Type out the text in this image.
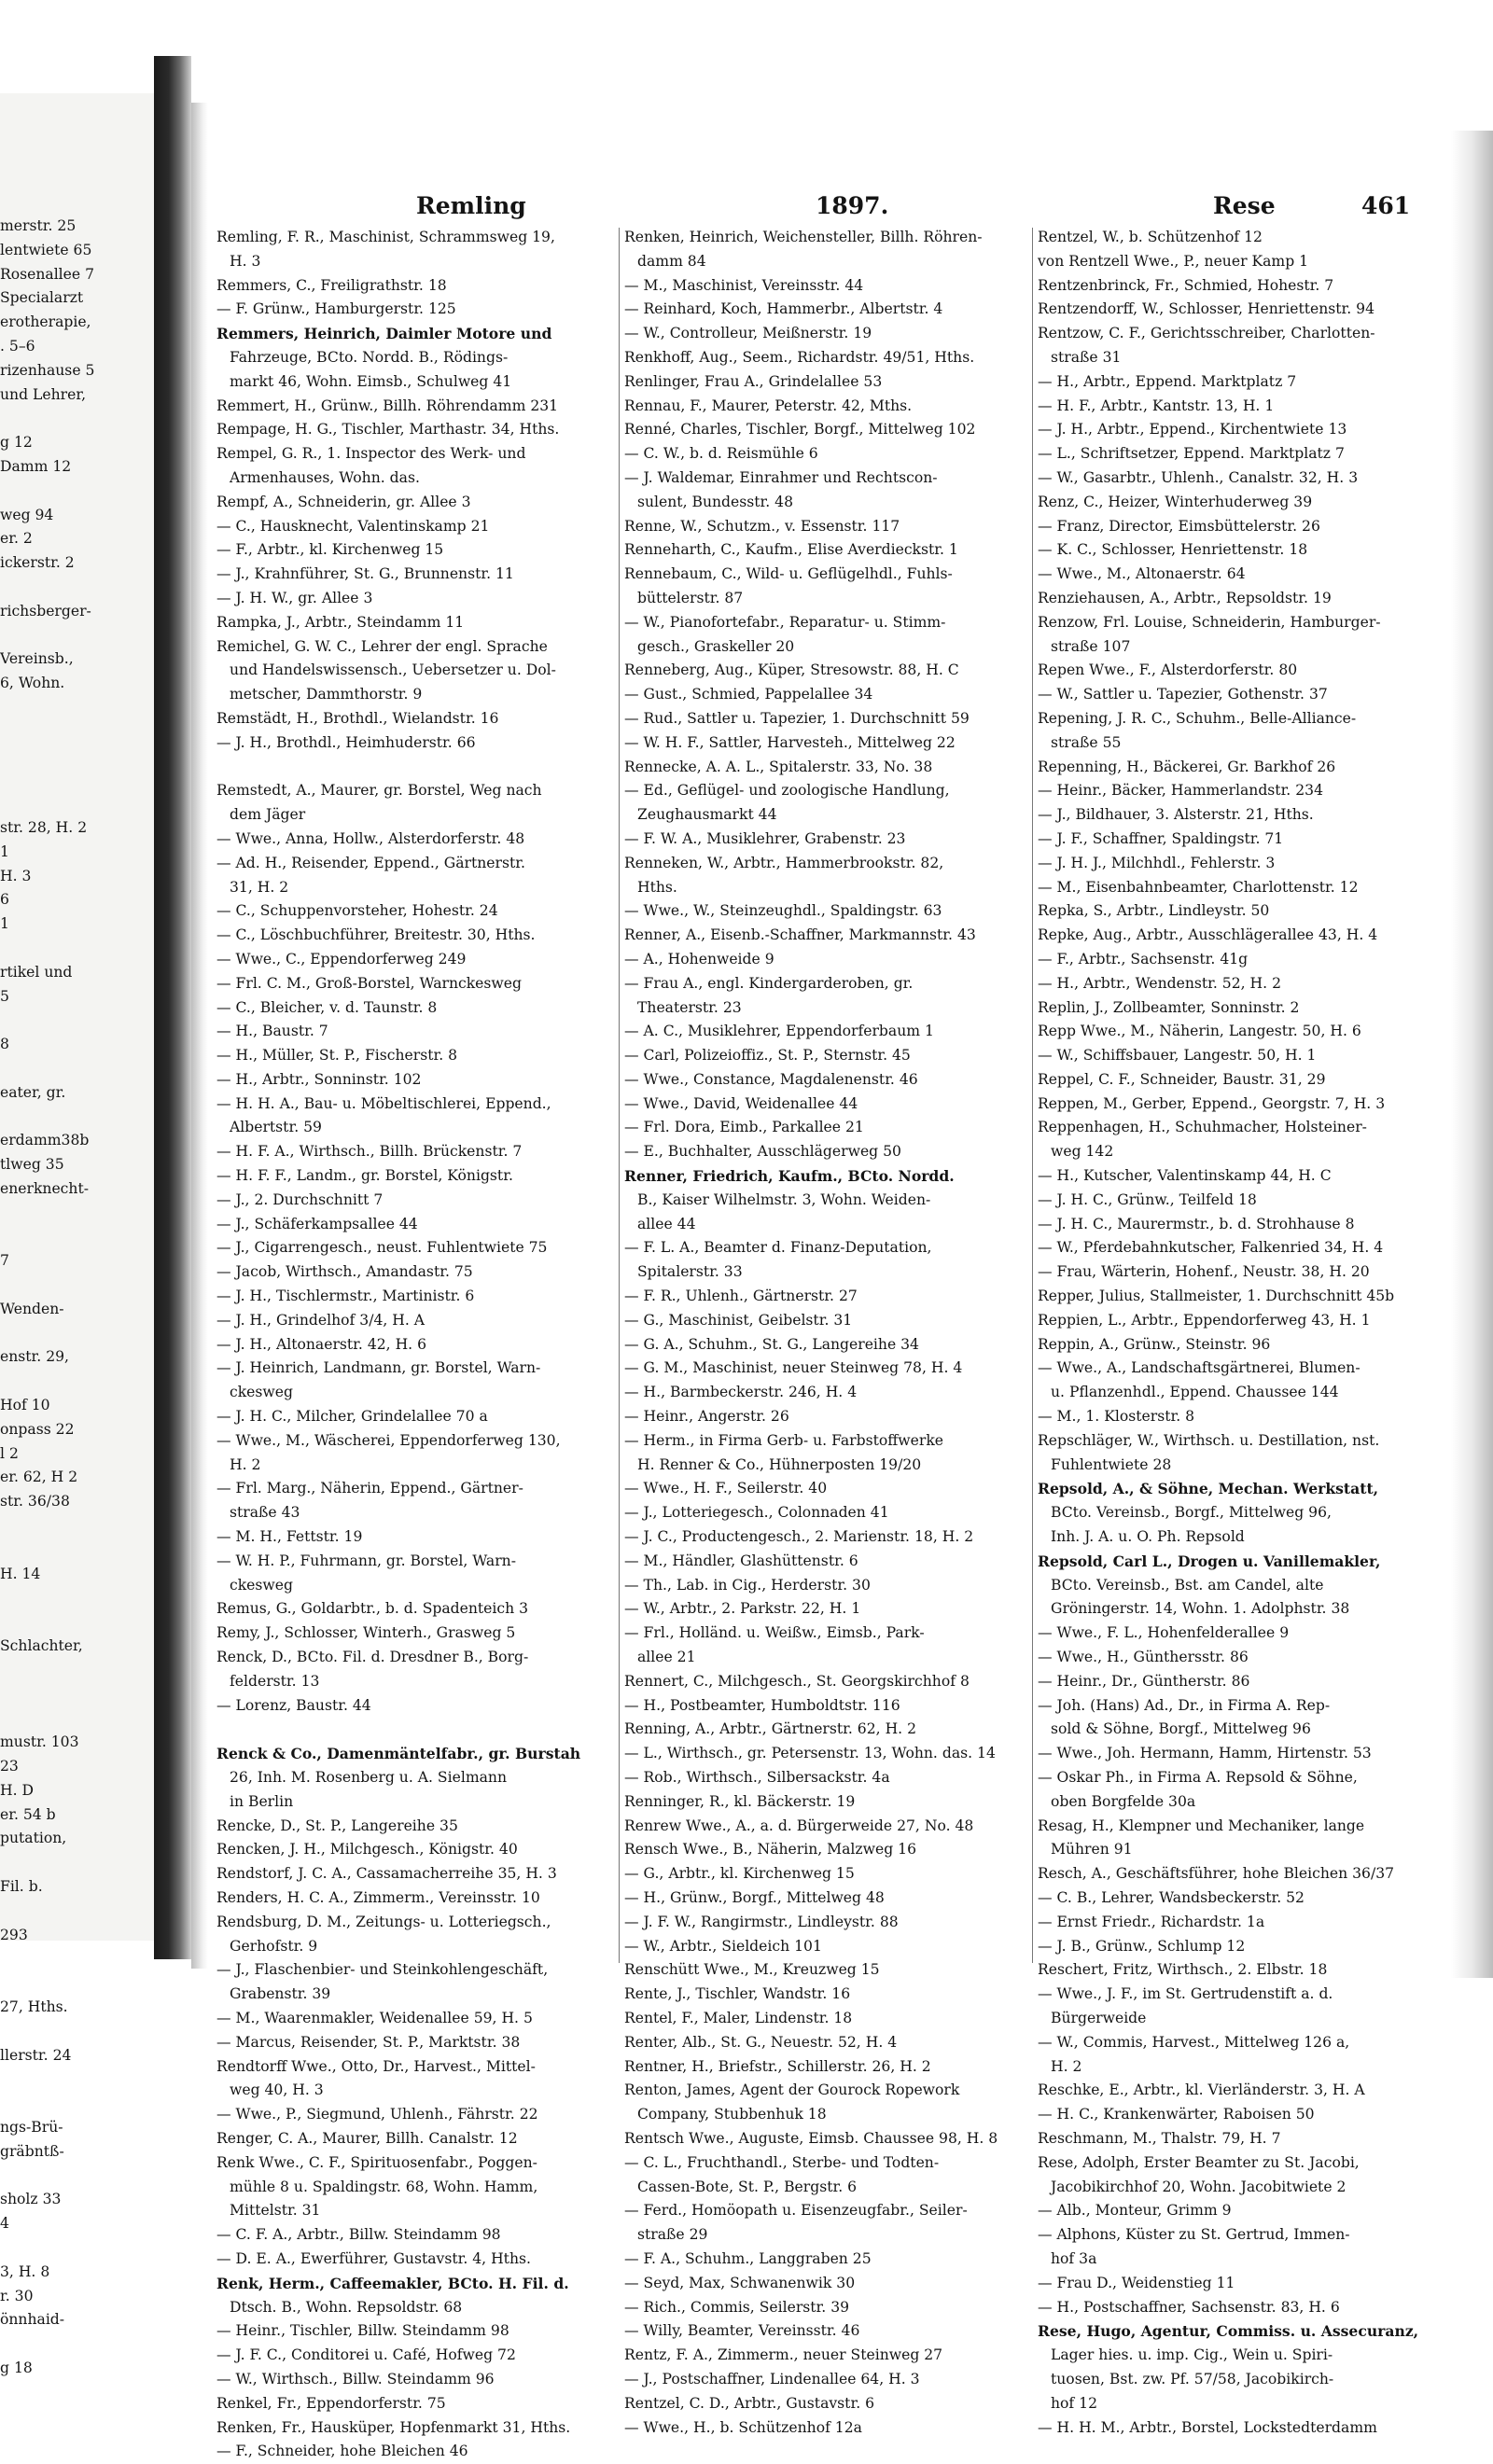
merstr. 25
lentwiete 65
Rosenallee 7
Specialarzt
erotherapie,
. 5–6
rizenhause 5
und Lehrer,
g 12
Damm 12
weg 94
er. 2
ickerstr. 2
richsberger-
Vereinsb.,
6, Wohn.
str. 28, H. 2
1
H. 3
6
1
rtikel und
5
8
eater, gr.
erdamm38b
tlweg 35
enerknecht-
7
Wenden-
enstr. 29,
Hof 10
onpass 22
l 2
er. 62, H 2
str. 36/38
H. 14
Schlachter,
mustr. 103
23
H. D
er. 54 b
putation,
Fil. b.
293
27, Hths.
llerstr. 24
ngs-Brü-
gräbntß-
sholz 33
4
3, H. 8
r. 30
önnhaid-
g 18
Remling	1897.	Rese	461
Remling, F. R., Maschinist, Schrammsweg 19,
H. 3
Remmers, C., Freiligrathstr. 18
— F. Grünw., Hamburgerstr. 125
Remmers, Heinrich, Daimler Motore und
Fahrzeuge, BCto. Nordd. B., Rödings-
markt 46, Wohn. Eimsb., Schulweg 41
Remmert, H., Grünw., Billh. Röhrendamm 231
Rempage, H. G., Tischler, Marthastr. 34, Hths.
Rempel, G. R., 1. Inspector des Werk- und
Armenhauses, Wohn. das.
Rempf, A., Schneiderin, gr. Allee 3
— C., Hausknecht, Valentinskamp 21
— F., Arbtr., kl. Kirchenweg 15
— J., Krahnführer, St. G., Brunnenstr. 11
— J. H. W., gr. Allee 3
Rampka, J., Arbtr., Steindamm 11
Remichel, G. W. C., Lehrer der engl. Sprache
und Handelswissensch., Uebersetzer u. Dol-
metscher, Dammthorstr. 9
Remstädt, H., Brothdl., Wielandstr. 16
— J. H., Brothdl., Heimhuderstr. 66
Remstedt, A., Maurer, gr. Borstel, Weg nach
dem Jäger
— Wwe., Anna, Hollw., Alsterdorferstr. 48
— Ad. H., Reisender, Eppend., Gärtnerstr.
31, H. 2
— C., Schuppenvorsteher, Hohestr. 24
— C., Löschbuchführer, Breitestr. 30, Hths.
— Wwe., C., Eppendorferweg 249
— Frl. C. M., Groß-Borstel, Warnckesweg
— C., Bleicher, v. d. Taunstr. 8
— H., Baustr. 7
— H., Müller, St. P., Fischerstr. 8
— H., Arbtr., Sonninstr. 102
— H. H. A., Bau- u. Möbeltischlerei, Eppend.,
Albertstr. 59
— H. F. A., Wirthsch., Billh. Brückenstr. 7
— H. F. F., Landm., gr. Borstel, Königstr.
— J., 2. Durchschnitt 7
— J., Schäferkampsallee 44
— J., Cigarrengesch., neust. Fuhlentwiete 75
— Jacob, Wirthsch., Amandastr. 75
— J. H., Tischlermstr., Martinistr. 6
— J. H., Grindelhof 3/4, H. A
— J. H., Altonaerstr. 42, H. 6
— J. Heinrich, Landmann, gr. Borstel, Warn-
ckesweg
— J. H. C., Milcher, Grindelallee 70 a
— Wwe., M., Wäscherei, Eppendorferweg 130,
H. 2
— Frl. Marg., Näherin, Eppend., Gärtner-
straße 43
— M. H., Fettstr. 19
— W. H. P., Fuhrmann, gr. Borstel, Warn-
ckesweg
Remus, G., Goldarbtr., b. d. Spadenteich 3
Remy, J., Schlosser, Winterh., Grasweg 5
Renck, D., BCto. Fil. d. Dresdner B., Borg-
felderstr. 13
— Lorenz, Baustr. 44
Renck & Co., Damenmäntelfabr., gr. Burstah
26, Inh. M. Rosenberg u. A. Sielmann
in Berlin
Rencke, D., St. P., Langereihe 35
Rencken, J. H., Milchgesch., Königstr. 40
Rendstorf, J. C. A., Cassamacherreihe 35, H. 3
Renders, H. C. A., Zimmerm., Vereinsstr. 10
Rendsburg, D. M., Zeitungs- u. Lotteriegsch.,
Gerhofstr. 9
— J., Flaschenbier- und Steinkohlengeschäft,
Grabenstr. 39
— M., Waarenmakler, Weidenallee 59, H. 5
— Marcus, Reisender, St. P., Marktstr. 38
Rendtorff Wwe., Otto, Dr., Harvest., Mittel-
weg 40, H. 3
— Wwe., P., Siegmund, Uhlenh., Fährstr. 22
Renger, C. A., Maurer, Billh. Canalstr. 12
Renk Wwe., C. F., Spirituosenfabr., Poggen-
mühle 8 u. Spaldingstr. 68, Wohn. Hamm,
Mittelstr. 31
— C. F. A., Arbtr., Billw. Steindamm 98
— D. E. A., Ewerführer, Gustavstr. 4, Hths.
Renk, Herm., Caffeemakler, BCto. H. Fil. d.
Dtsch. B., Wohn. Repsoldstr. 68
— Heinr., Tischler, Billw. Steindamm 98
— J. F. C., Conditorei u. Café, Hofweg 72
— W., Wirthsch., Billw. Steindamm 96
Renkel, Fr., Eppendorferstr. 75
Renken, Fr., Hausküper, Hopfenmarkt 31, Hths.
— F., Schneider, hohe Bleichen 46
Renken, Heinrich, Weichensteller, Billh. Röhren-
damm 84
— M., Maschinist, Vereinsstr. 44
— Reinhard, Koch, Hammerbr., Albertstr. 4
— W., Controlleur, Meißnerstr. 19
Renkhoff, Aug., Seem., Richardstr. 49/51, Hths.
Renlinger, Frau A., Grindelallee 53
Rennau, F., Maurer, Peterstr. 42, Mths.
Renné, Charles, Tischler, Borgf., Mittelweg 102
— C. W., b. d. Reismühle 6
— J. Waldemar, Einrahmer und Rechtscon-
sulent, Bundesstr. 48
Renne, W., Schutzm., v. Essenstr. 117
Renneharth, C., Kaufm., Elise Averdieckstr. 1
Rennebaum, C., Wild- u. Geflügelhdl., Fuhls-
büttelerstr. 87
— W., Pianofortefabr., Reparatur- u. Stimm-
gesch., Graskeller 20
Renneberg, Aug., Küper, Stresowstr. 88, H. C
— Gust., Schmied, Pappelallee 34
— Rud., Sattler u. Tapezier, 1. Durchschnitt 59
— W. H. F., Sattler, Harvesteh., Mittelweg 22
Rennecke, A. A. L., Spitalerstr. 33, No. 38
— Ed., Geflügel- und zoologische Handlung,
Zeughausmarkt 44
— F. W. A., Musiklehrer, Grabenstr. 23
Renneken, W., Arbtr., Hammerbrookstr. 82,
Hths.
— Wwe., W., Steinzeughdl., Spaldingstr. 63
Renner, A., Eisenb.-Schaffner, Markmannstr. 43
— A., Hohenweide 9
— Frau A., engl. Kindergarderoben, gr.
Theaterstr. 23
— A. C., Musiklehrer, Eppendorferbaum 1
— Carl, Polizeioffiz., St. P., Sternstr. 45
— Wwe., Constance, Magdalenenstr. 46
— Wwe., David, Weidenallee 44
— Frl. Dora, Eimb., Parkallee 21
— E., Buchhalter, Ausschlägerweg 50
Renner, Friedrich, Kaufm., BCto. Nordd.
B., Kaiser Wilhelmstr. 3, Wohn. Weiden-
allee 44
— F. L. A., Beamter d. Finanz-Deputation,
Spitalerstr. 33
— F. R., Uhlenh., Gärtnerstr. 27
— G., Maschinist, Geibelstr. 31
— G. A., Schuhm., St. G., Langereihe 34
— G. M., Maschinist, neuer Steinweg 78, H. 4
— H., Barmbeckerstr. 246, H. 4
— Heinr., Angerstr. 26
— Herm., in Firma Gerb- u. Farbstoffwerke
H. Renner & Co., Hühnerposten 19/20
— Wwe., H. F., Seilerstr. 40
— J., Lotteriegesch., Colonnaden 41
— J. C., Productengesch., 2. Marienstr. 18, H. 2
— M., Händler, Glashüttenstr. 6
— Th., Lab. in Cig., Herderstr. 30
— W., Arbtr., 2. Parkstr. 22, H. 1
— Frl., Holländ. u. Weißw., Eimsb., Park-
allee 21
Rennert, C., Milchgesch., St. Georgskirchhof 8
— H., Postbeamter, Humboldtstr. 116
Renning, A., Arbtr., Gärtnerstr. 62, H. 2
— L., Wirthsch., gr. Petersenstr. 13, Wohn. das. 14
— Rob., Wirthsch., Silbersackstr. 4a
Renninger, R., kl. Bäckerstr. 19
Renrew Wwe., A., a. d. Bürgerweide 27, No. 48
Rensch Wwe., B., Näherin, Malzweg 16
— G., Arbtr., kl. Kirchenweg 15
— H., Grünw., Borgf., Mittelweg 48
— J. F. W., Rangirmstr., Lindleystr. 88
— W., Arbtr., Sieldeich 101
Renschütt Wwe., M., Kreuzweg 15
Rente, J., Tischler, Wandstr. 16
Rentel, F., Maler, Lindenstr. 18
Renter, Alb., St. G., Neuestr. 52, H. 4
Rentner, H., Briefstr., Schillerstr. 26, H. 2
Renton, James, Agent der Gourock Ropework
Company, Stubbenhuk 18
Rentsch Wwe., Auguste, Eimsb. Chaussee 98, H. 8
— C. L., Fruchthandl., Sterbe- und Todten-
Cassen-Bote, St. P., Bergstr. 6
— Ferd., Homöopath u. Eisenzeugfabr., Seiler-
straße 29
— F. A., Schuhm., Langgraben 25
— Seyd, Max, Schwanenwik 30
— Rich., Commis, Seilerstr. 39
— Willy, Beamter, Vereinsstr. 46
Rentz, F. A., Zimmerm., neuer Steinweg 27
— J., Postschaffner, Lindenallee 64, H. 3
Rentzel, C. D., Arbtr., Gustavstr. 6
— Wwe., H., b. Schützenhof 12a
Rentzel, W., b. Schützenhof 12
von Rentzell Wwe., P., neuer Kamp 1
Rentzenbrinck, Fr., Schmied, Hohestr. 7
Rentzendorff, W., Schlosser, Henriettenstr. 94
Rentzow, C. F., Gerichtsschreiber, Charlotten-
straße 31
— H., Arbtr., Eppend. Marktplatz 7
— H. F., Arbtr., Kantstr. 13, H. 1
— J. H., Arbtr., Eppend., Kirchentwiete 13
— L., Schriftsetzer, Eppend. Marktplatz 7
— W., Gasarbtr., Uhlenh., Canalstr. 32, H. 3
Renz, C., Heizer, Winterhuderweg 39
— Franz, Director, Eimsbüttelerstr. 26
— K. C., Schlosser, Henriettenstr. 18
— Wwe., M., Altonaerstr. 64
Renziehausen, A., Arbtr., Repsoldstr. 19
Renzow, Frl. Louise, Schneiderin, Hamburger-
straße 107
Repen Wwe., F., Alsterdorferstr. 80
— W., Sattler u. Tapezier, Gothenstr. 37
Repening, J. R. C., Schuhm., Belle-Alliance-
straße 55
Repenning, H., Bäckerei, Gr. Barkhof 26
— Heinr., Bäcker, Hammerlandstr. 234
— J., Bildhauer, 3. Alsterstr. 21, Hths.
— J. F., Schaffner, Spaldingstr. 71
— J. H. J., Milchhdl., Fehlerstr. 3
— M., Eisenbahnbeamter, Charlottenstr. 12
Repka, S., Arbtr., Lindleystr. 50
Repke, Aug., Arbtr., Ausschlägerallee 43, H. 4
— F., Arbtr., Sachsenstr. 41g
— H., Arbtr., Wendenstr. 52, H. 2
Replin, J., Zollbeamter, Sonninstr. 2
Repp Wwe., M., Näherin, Langestr. 50, H. 6
— W., Schiffsbauer, Langestr. 50, H. 1
Reppel, C. F., Schneider, Baustr. 31, 29
Reppen, M., Gerber, Eppend., Georgstr. 7, H. 3
Reppenhagen, H., Schuhmacher, Holsteiner-
weg 142
— H., Kutscher, Valentinskamp 44, H. C
— J. H. C., Grünw., Teilfeld 18
— J. H. C., Maurermstr., b. d. Strohhause 8
— W., Pferdebahnkutscher, Falkenried 34, H. 4
— Frau, Wärterin, Hohenf., Neustr. 38, H. 20
Repper, Julius, Stallmeister, 1. Durchschnitt 45b
Reppien, L., Arbtr., Eppendorferweg 43, H. 1
Reppin, A., Grünw., Steinstr. 96
— Wwe., A., Landschaftsgärtnerei, Blumen-
u. Pflanzenhdl., Eppend. Chaussee 144
— M., 1. Klosterstr. 8
Repschläger, W., Wirthsch. u. Destillation, nst.
Fuhlentwiete 28
Repsold, A., & Söhne, Mechan. Werkstatt,
BCto. Vereinsb., Borgf., Mittelweg 96,
Inh. J. A. u. O. Ph. Repsold
Repsold, Carl L., Drogen u. Vanillemakler,
BCto. Vereinsb., Bst. am Candel, alte
Gröningerstr. 14, Wohn. 1. Adolphstr. 38
— Wwe., F. L., Hohenfelderallee 9
— Wwe., H., Günthersstr. 86
— Heinr., Dr., Güntherstr. 86
— Joh. (Hans) Ad., Dr., in Firma A. Rep-
sold & Söhne, Borgf., Mittelweg 96
— Wwe., Joh. Hermann, Hamm, Hirtenstr. 53
— Oskar Ph., in Firma A. Repsold & Söhne,
oben Borgfelde 30a
Resag, H., Klempner und Mechaniker, lange
Mühren 91
Resch, A., Geschäftsführer, hohe Bleichen 36/37
— C. B., Lehrer, Wandsbeckerstr. 52
— Ernst Friedr., Richardstr. 1a
— J. B., Grünw., Schlump 12
Reschert, Fritz, Wirthsch., 2. Elbstr. 18
— Wwe., J. F., im St. Gertrudenstift a. d.
Bürgerweide
— W., Commis, Harvest., Mittelweg 126 a,
H. 2
Reschke, E., Arbtr., kl. Vierländerstr. 3, H. A
— H. C., Krankenwärter, Raboisen 50
Reschmann, M., Thalstr. 79, H. 7
Rese, Adolph, Erster Beamter zu St. Jacobi,
Jacobikirchhof 20, Wohn. Jacobitwiete 2
— Alb., Monteur, Grimm 9
— Alphons, Küster zu St. Gertrud, Immen-
hof 3a
— Frau D., Weidenstieg 11
— H., Postschaffner, Sachsenstr. 83, H. 6
Rese, Hugo, Agentur, Commiss. u. Assecuranz,
Lager hies. u. imp. Cig., Wein u. Spiri-
tuosen, Bst. zw. Pf. 57/58, Jacobikirch-
hof 12
— H. H. M., Arbtr., Borstel, Lockstedterdamm
